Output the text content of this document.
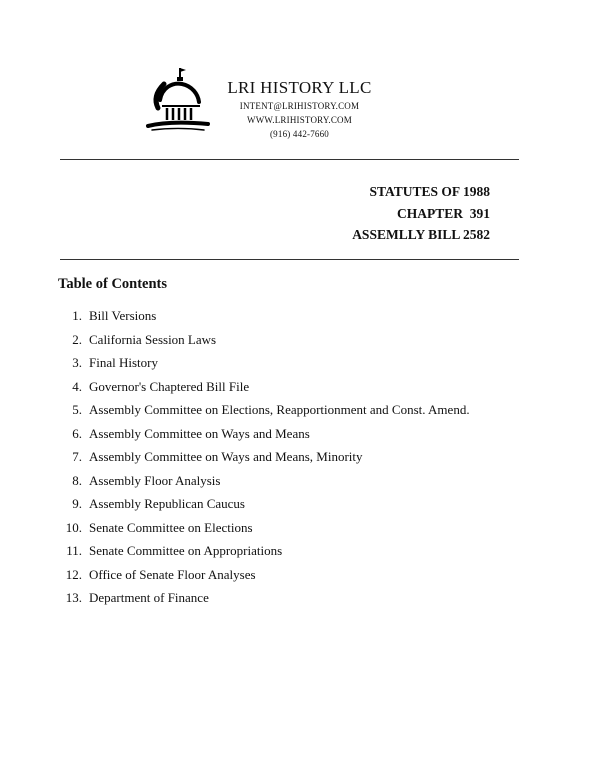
LRI HISTORY LLC
INTENT@LRIHISTORY.COM
WWW.LRIHISTORY.COM
(916) 442-7660
STATUTES OF 1988
CHAPTER  391
ASSEMLLY BILL 2582
Table of Contents
1. Bill Versions
2. California Session Laws
3. Final History
4. Governor's Chaptered Bill File
5. Assembly Committee on Elections, Reapportionment and Const. Amend.
6. Assembly Committee on Ways and Means
7. Assembly Committee on Ways and Means, Minority
8. Assembly Floor Analysis
9. Assembly Republican Caucus
10. Senate Committee on Elections
11. Senate Committee on Appropriations
12. Office of Senate Floor Analyses
13. Department of Finance
